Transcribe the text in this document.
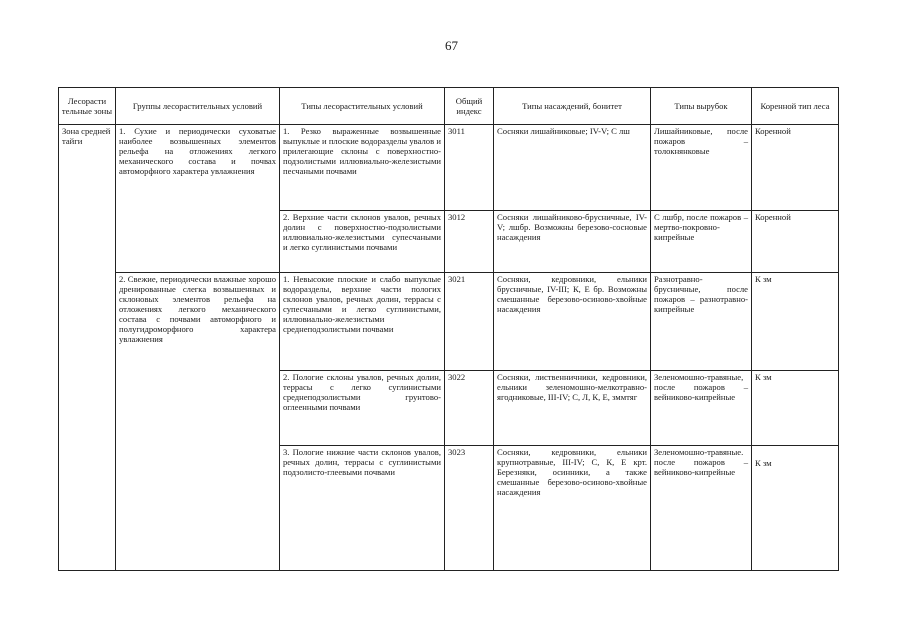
67
Лесорасти тельные зоны	Группы лесорастительных условий	Типы лесорастительных условий	Общий индекс	Типы насаждений, бонитет	Типы вырубок	Коренной тип леса
Зона средней тайги	1. Сухие и периодически суховатые наиболее возвышенных элементов рельефа на отложениях легкого механического состава и почвах автоморфного характера увлажнения	1. Резко выраженные возвышенные выпуклые и плоские водоразделы увалов и прилегающие склоны с поверхностно-подзолистыми иллювиально-железистыми песчаными почвами	3011	Сосняки лишайниковые; IV-V; С лш	Лишайниковые, после пожаров – толокнянковые	Коренной
		2. Верхние части склонов увалов, речных долин с поверхностно-подзолистыми иллювиально-железистыми супесчаными и легко суглинистыми почвами	3012	Сосняки лишайниково-брусничные, IV-V; лшбр. Возможны березово-сосновые насаждения	С лшбр, после пожаров – мертво-покровно-кипрейные	Коренной
	2. Свежие, периодически влажные хорошо дренированные слегка возвышенных и склоновых элементов рельефа на отложениях легкого механического состава с почвами автоморфного и полугидроморфного характера увлажнения	1. Невысокие плоские и слабо выпуклые водоразделы, верхние части пологих склонов увалов, речных долин, террасы с супесчаными и легко суглинистыми, иллювиально-железистыми среднеподзолистыми почвами	3021	Сосняки, кедровники, ельники брусничные, IV-III; К, Е бр. Возможны смешанные березово-осиново-хвойные насаждения	Разнотравно-брусничные, после пожаров – разнотравно-кипрейные	К зм
		2. Пологие склоны увалов, речных долин, террасы с легко суглинистыми среднеподзолистыми грунтово-оглеенными почвами	3022	Сосняки, лиственничники, кедровники, ельники зеленомошно-мелкотравно-ягодниковые, III-IV; С, Л, К, Е, зммтяг	Зеленомошно-травяные, после пожаров – вейниково-кипрейные	К зм
		3. Пологие нижние части склонов увалов, речных долин, террасы с суглинистыми подзолисто-глеевыми почвами	3023	Сосняки, кедровники, ельники крупнотравные, III-IV; С, К, Е крт. Березняки, осинники, а также смешанные березово-осиново-хвойные насаждения	Зеленомошно-травяные. после пожаров – вейниково-кипрейные	К зм
